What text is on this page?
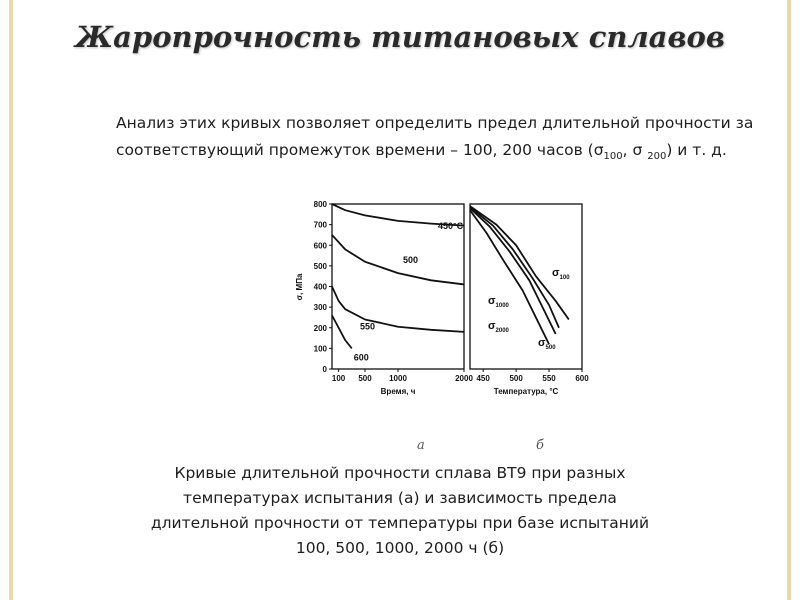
Жаропрочность титановых сплавов
Анализ этих кривых позволяет определить предел длительной прочности за
соответствующий промежуток времени – 100, 200 часов ($\sigma_{100}$, σ $_{200}$) и т. д.
0
100
200
300
400
500
600
700
800
100 500 1000	2000
450°C
500
550
600
σ, МПа
Время, ч
450 500 550 600
$\sigma_{100}$
$\sigma_{1000}$
$\sigma_{2000}$
$\sigma_{500}$
Температура, °С
а	б
Кривые длительной прочности сплава ВТ9 при разных температурах испытания (а) и зависимость предела длительной прочности от температуры при базе испытаний 100, 500, 1000, 2000 ч (б)
